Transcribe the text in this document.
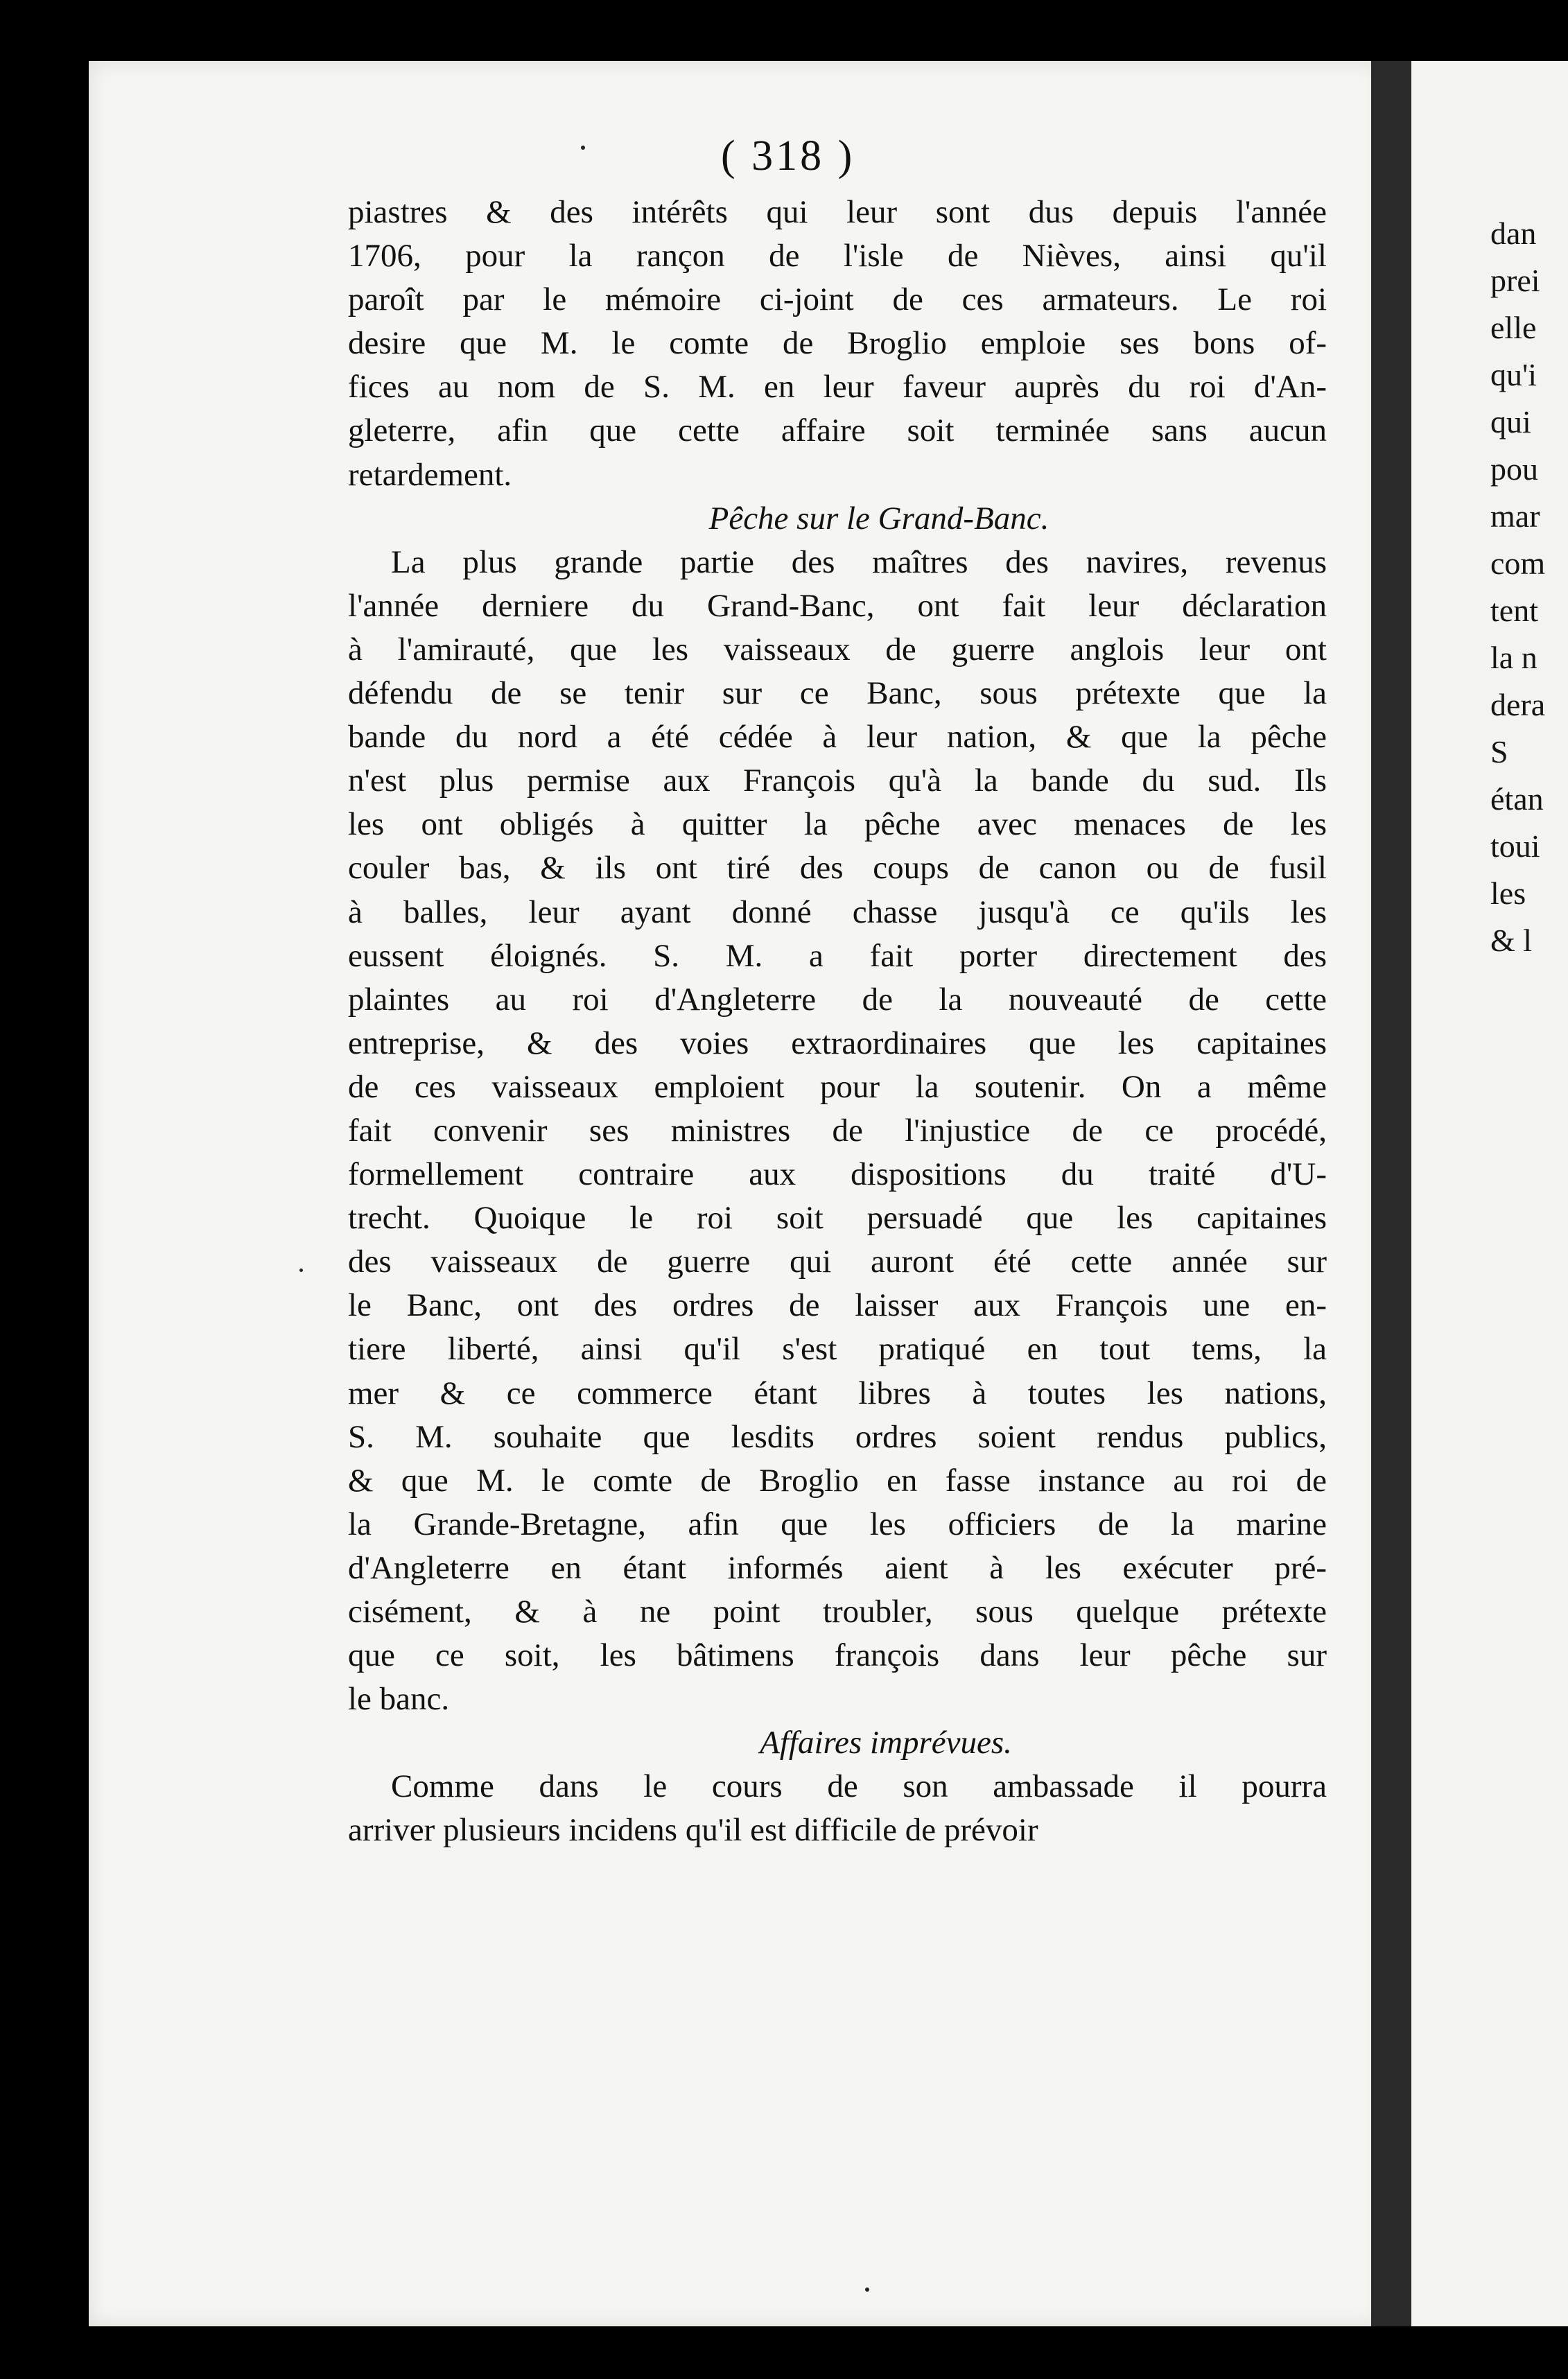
( 318 )
piastres & des intérêts qui leur sont dus depuis l'année
1706, pour la rançon de l'isle de Nièves, ainsi qu'il
paroît par le mémoire ci-joint de ces armateurs. Le roi
desire que M. le comte de Broglio emploie ses bons of-
fices au nom de S. M. en leur faveur auprès du roi d'An-
gleterre, afin que cette affaire soit terminée sans aucun
retardement.
Pêche sur le Grand-Banc.
La plus grande partie des maîtres des navires, revenus
l'année derniere du Grand-Banc, ont fait leur déclaration
à l'amirauté, que les vaisseaux de guerre anglois leur ont
défendu de se tenir sur ce Banc, sous prétexte que la
bande du nord a été cédée à leur nation, & que la pêche
n'est plus permise aux François qu'à la bande du sud. Ils
les ont obligés à quitter la pêche avec menaces de les
couler bas, & ils ont tiré des coups de canon ou de fusil
à balles, leur ayant donné chasse jusqu'à ce qu'ils les
eussent éloignés. S. M. a fait porter directement des
plaintes au roi d'Angleterre de la nouveauté de cette
entreprise, & des voies extraordinaires que les capitaines
de ces vaisseaux emploient pour la soutenir. On a même
fait convenir ses ministres de l'injustice de ce procédé,
formellement contraire aux dispositions du traité d'U-
trecht. Quoique le roi soit persuadé que les capitaines
des vaisseaux de guerre qui auront été cette année sur
le Banc, ont des ordres de laisser aux François une en-
tiere liberté, ainsi qu'il s'est pratiqué en tout tems, la
mer & ce commerce étant libres à toutes les nations,
S. M. souhaite que lesdits ordres soient rendus publics,
& que M. le comte de Broglio en fasse instance au roi de
la Grande-Bretagne, afin que les officiers de la marine
d'Angleterre en étant informés aient à les exécuter pré-
cisément, & à ne point troubler, sous quelque prétexte
que ce soit, les bâtimens françois dans leur pêche sur
le banc.
Affaires imprévues.
Comme dans le cours de son ambassade il pourra
arriver plusieurs incidens qu'il est difficile de prévoir
dan
prei
elle
qu'i
qui
pou
mar
com
tent
la n
dera
S
étan
toui
les
& l
